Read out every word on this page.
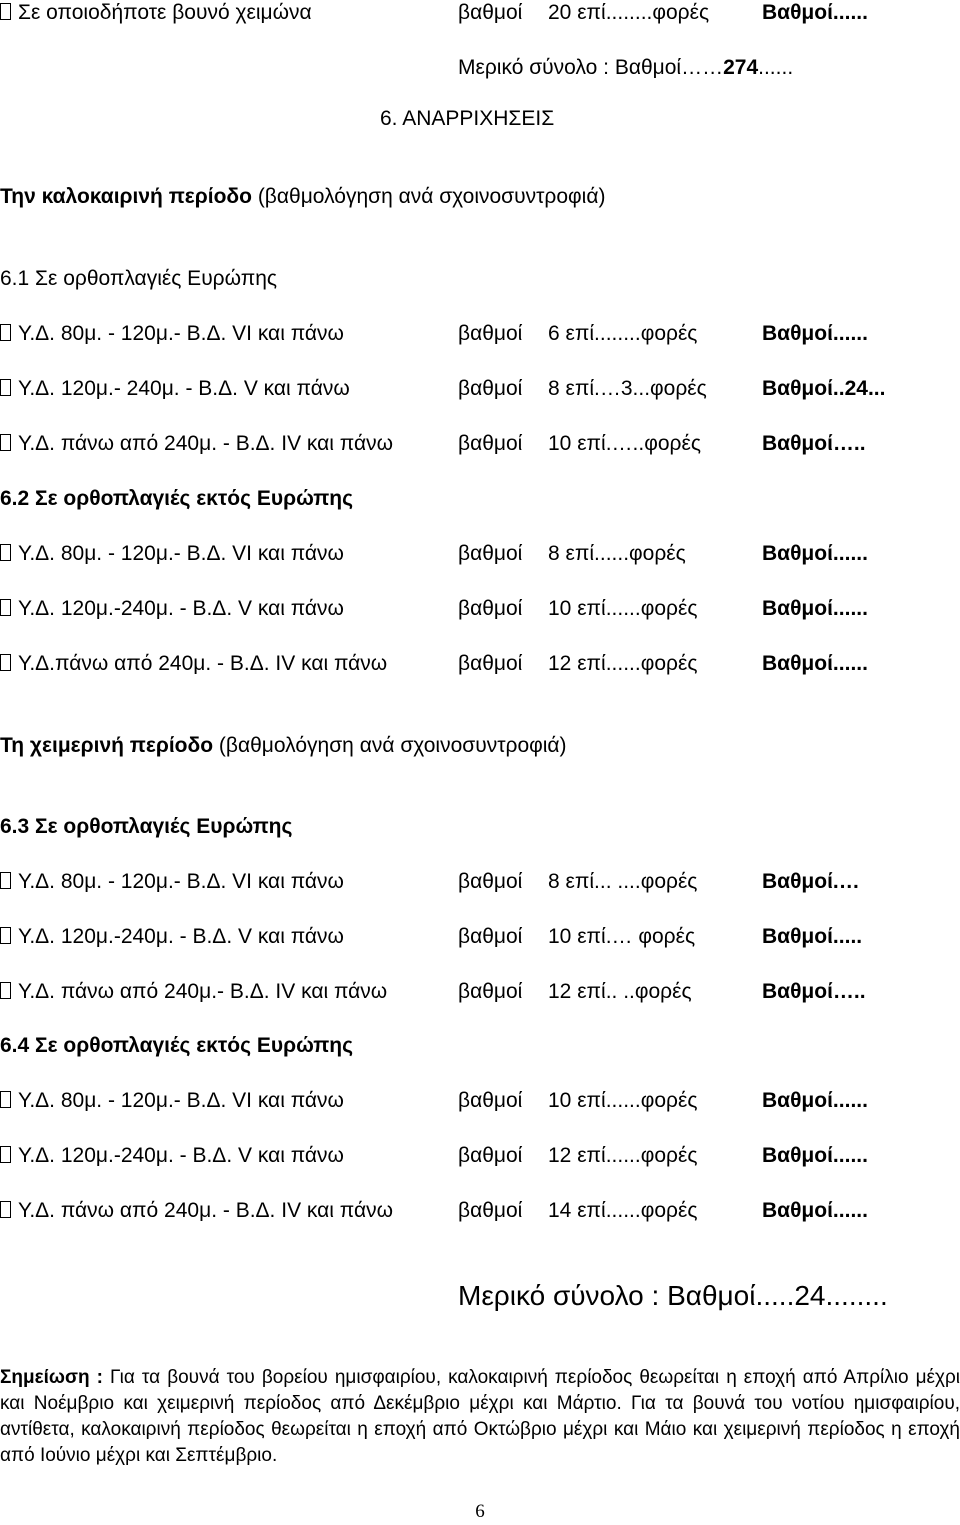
Σε οποιοδήποτε βουνό χειμώνα	βαθμοί 20 επί........φορές	Βαθμοί......
Μερικό σύνολο : Βαθμοί……274......
6. ΑΝΑΡΡΙΧΗΣΕΙΣ
Την καλοκαιρινή περίοδο (βαθμολόγηση ανά σχοινοσυντροφιά)
6.1 Σε ορθοπλαγιές Ευρώπης
Υ.Δ. 80μ. - 120μ.- Β.Δ. VI και πάνω	βαθμοί 6 επί........φορές	Βαθμοί......
Υ.Δ. 120μ.- 240μ. - Β.Δ. V και πάνω	βαθμοί 8 επί.…3...φορές	Βαθμοί..24...
Υ.Δ. πάνω από 240μ. - Β.Δ. IV και πάνω	βαθμοί 10 επί.…..φορές	Βαθμοί…..
6.2 Σε ορθοπλαγιές εκτός Ευρώπης
Υ.Δ. 80μ. - 120μ.- Β.Δ. VI και πάνω	βαθμοί 8 επί......φορές	Βαθμοί......
Υ.Δ. 120μ.-240μ. - Β.Δ. V και πάνω	βαθμοί 10 επί......φορές	Βαθμοί......
Υ.Δ.πάνω από 240μ. - Β.Δ. IV και πάνω	βαθμοί 12 επί......φορές	Βαθμοί......
Τη χειμερινή περίοδο (βαθμολόγηση ανά σχοινοσυντροφιά)
6.3 Σε ορθοπλαγιές Ευρώπης
Υ.Δ. 80μ. - 120μ.- Β.Δ. VI και πάνω	βαθμοί 8 επί... ....φορές	Βαθμοί.…
Υ.Δ. 120μ.-240μ. - Β.Δ. V και πάνω	βαθμοί 10 επί.… φορές	Βαθμοί.....
Υ.Δ. πάνω από 240μ.- Β.Δ. IV και πάνω	βαθμοί 12 επί.. ..φορές	Βαθμοί…..
6.4 Σε ορθοπλαγιές εκτός Ευρώπης
Υ.Δ. 80μ. - 120μ.- Β.Δ. VI και πάνω	βαθμοί 10 επί......φορές	Βαθμοί......
Υ.Δ. 120μ.-240μ. - Β.Δ. V και πάνω	βαθμοί 12 επί......φορές	Βαθμοί......
Υ.Δ. πάνω από 240μ. - Β.Δ. IV και πάνω	βαθμοί 14 επί......φορές	Βαθμοί......
Μερικό σύνολο : Βαθμοί.....24........
Σημείωση : Για τα βουνά του βορείου ημισφαιρίου, καλοκαιρινή περίοδος θεωρείται η εποχή από Απρίλιο μέχρι και Νοέμβριο και χειμερινή περίοδος από Δεκέμβριο μέχρι και Μάρτιο. Για τα βουνά του νοτίου ημισφαιρίου, αντίθετα, καλοκαιρινή περίοδος θεωρείται η εποχή από Οκτώβριο μέχρι και Μάιο και χειμερινή περίοδος η εποχή από Ιούνιο μέχρι και Σεπτέμβριο.
6
